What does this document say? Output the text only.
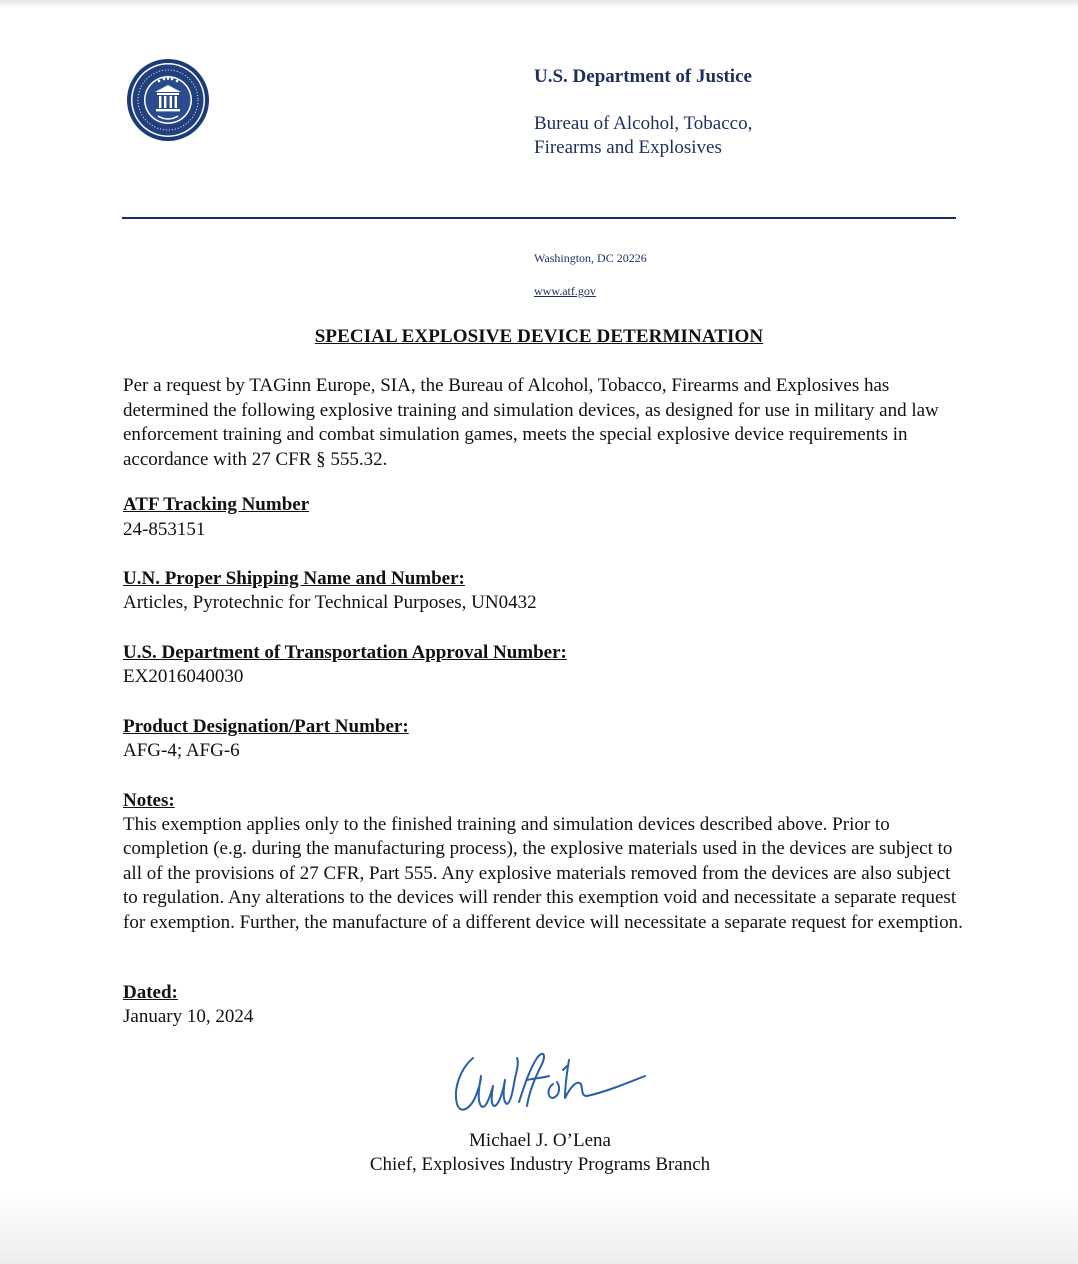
U.S. Department of Justice
Bureau of Alcohol, Tobacco,
Firearms and Explosives
Washington, DC 20226
www.atf.gov
SPECIAL EXPLOSIVE DEVICE DETERMINATION
Per a request by TAGinn Europe, SIA, the Bureau of Alcohol, Tobacco, Firearms and Explosives has determined the following explosive training and simulation devices, as designed for use in military and law enforcement training and combat simulation games, meets the special explosive device requirements in accordance with 27 CFR § 555.32.
ATF Tracking Number
24-853151
U.N. Proper Shipping Name and Number:
Articles, Pyrotechnic for Technical Purposes, UN0432
U.S. Department of Transportation Approval Number:
EX2016040030
Product Designation/Part Number:
AFG-4; AFG-6
Notes:
This exemption applies only to the finished training and simulation devices described above. Prior to completion (e.g. during the manufacturing process), the explosive materials used in the devices are subject to all of the provisions of 27 CFR, Part 555. Any explosive materials removed from the devices are also subject to regulation. Any alterations to the devices will render this exemption void and necessitate a separate request for exemption. Further, the manufacture of a different device will necessitate a separate request for exemption.
Dated:
January 10, 2024
Michael J. O’Lena
Chief, Explosives Industry Programs Branch
